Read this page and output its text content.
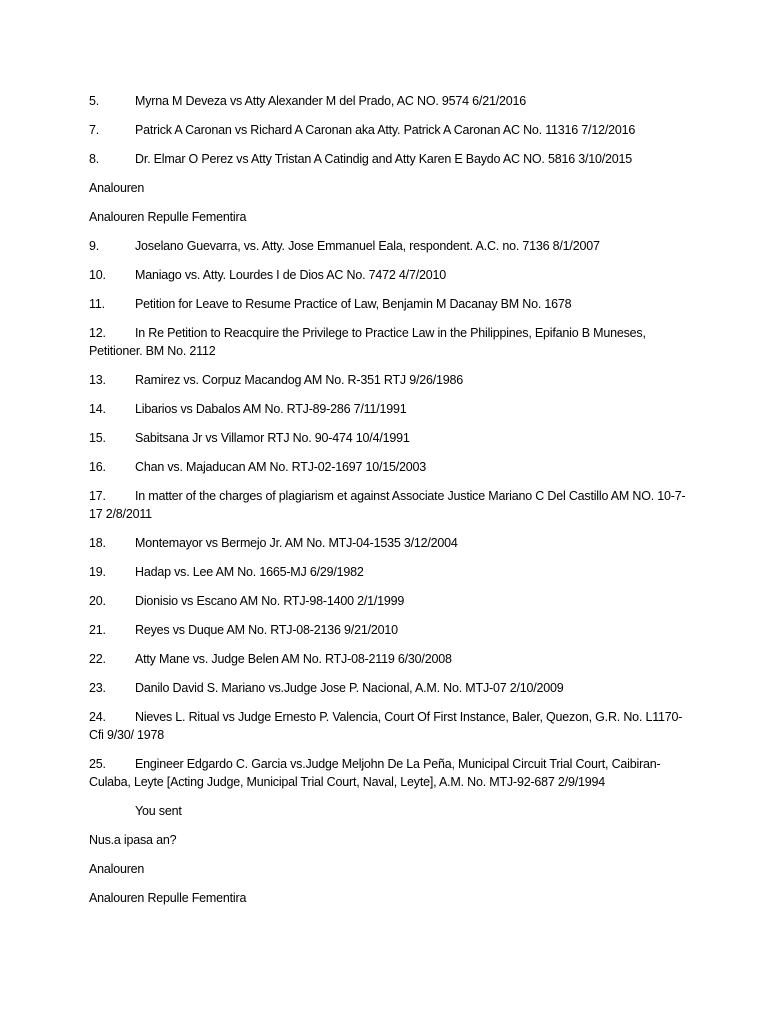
5.	Myrna M Deveza vs Atty Alexander M del Prado, AC NO. 9574 6/21/2016
7.	Patrick A Caronan vs Richard A Caronan aka Atty. Patrick A Caronan AC No. 11316 7/12/2016
8.	Dr. Elmar O Perez vs Atty Tristan A Catindig and Atty Karen E Baydo AC NO. 5816 3/10/2015
Analouren
Analouren Repulle Fementira
9.	Joselano Guevarra, vs. Atty. Jose Emmanuel Eala, respondent. A.C. no. 7136 8/1/2007
10. Maniago vs. Atty. Lourdes I de Dios AC No. 7472 4/7/2010
11. Petition for Leave to Resume Practice of Law, Benjamin M Dacanay BM No. 1678
12. In Re Petition to Reacquire the Privilege to Practice Law in the Philippines, Epifanio B Muneses, Petitioner. BM No. 2112
13. Ramirez vs. Corpuz Macandog AM No. R-351 RTJ 9/26/1986
14. Libarios vs Dabalos AM No. RTJ-89-286 7/11/1991
15. Sabitsana Jr vs Villamor RTJ No. 90-474 10/4/1991
16. Chan vs. Majaducan AM No. RTJ-02-1697 10/15/2003
17. In matter of the charges of plagiarism et against Associate Justice Mariano C Del Castillo AM NO. 10-7-17 2/8/2011
18. Montemayor vs Bermejo Jr. AM No. MTJ-04-1535 3/12/2004
19. Hadap vs. Lee AM No. 1665-MJ 6/29/1982
20. Dionisio vs Escano AM No. RTJ-98-1400 2/1/1999
21. Reyes vs Duque AM No. RTJ-08-2136 9/21/2010
22. Atty Mane vs. Judge Belen AM No. RTJ-08-2119 6/30/2008
23. Danilo David S. Mariano vs.Judge Jose P. Nacional, A.M. No. MTJ-07 2/10/2009
24. Nieves L. Ritual vs Judge Ernesto P. Valencia, Court Of First Instance, Baler, Quezon, G.R. No. L1170-Cfi 9/30/ 1978
25. Engineer Edgardo C. Garcia vs.Judge Meljohn De La Peña, Municipal Circuit Trial Court, Caibiran-Culaba, Leyte [Acting Judge, Municipal Trial Court, Naval, Leyte], A.M. No. MTJ-92-687 2/9/1994
You sent
Nus.a ipasa an?
Analouren
Analouren Repulle Fementira
